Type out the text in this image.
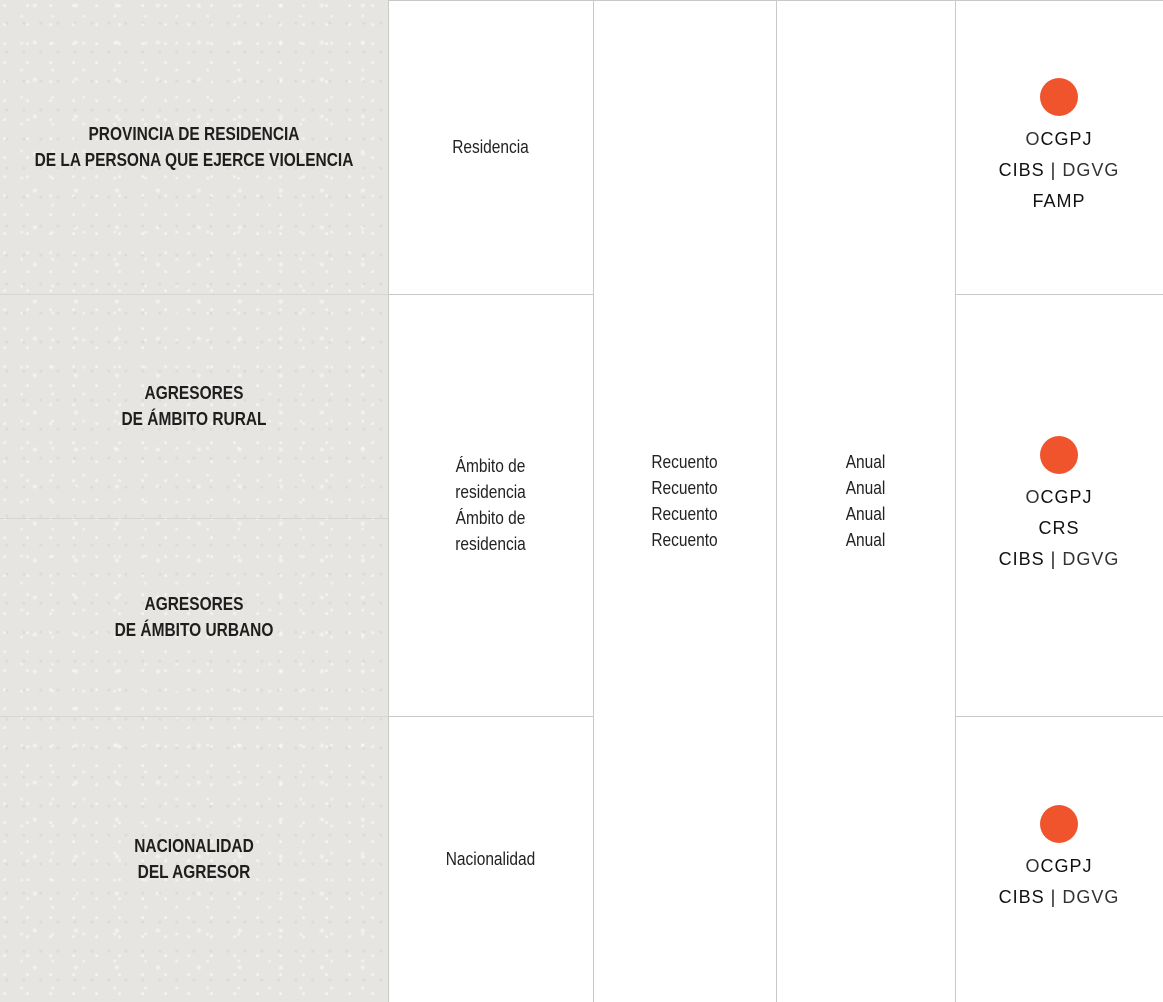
PROVINCIA DE RESIDENCIA
DE LA PERSONA QUE EJERCE VIOLENCIA
AGRESORES
DE ÁMBITO RURAL
AGRESORES
DE ÁMBITO URBANO
NACIONALIDAD
DEL AGRESOR
Residencia
Ámbito de
residencia
Ámbito de
residencia
Nacionalidad
Recuento
Recuento
Recuento
Recuento
Anual
Anual
Anual
Anual
OCGPJ
CIBS | DGVG
FAMP
OCGPJ
CRS
CIBS | DGVG
OCGPJ
CIBS | DGVG
